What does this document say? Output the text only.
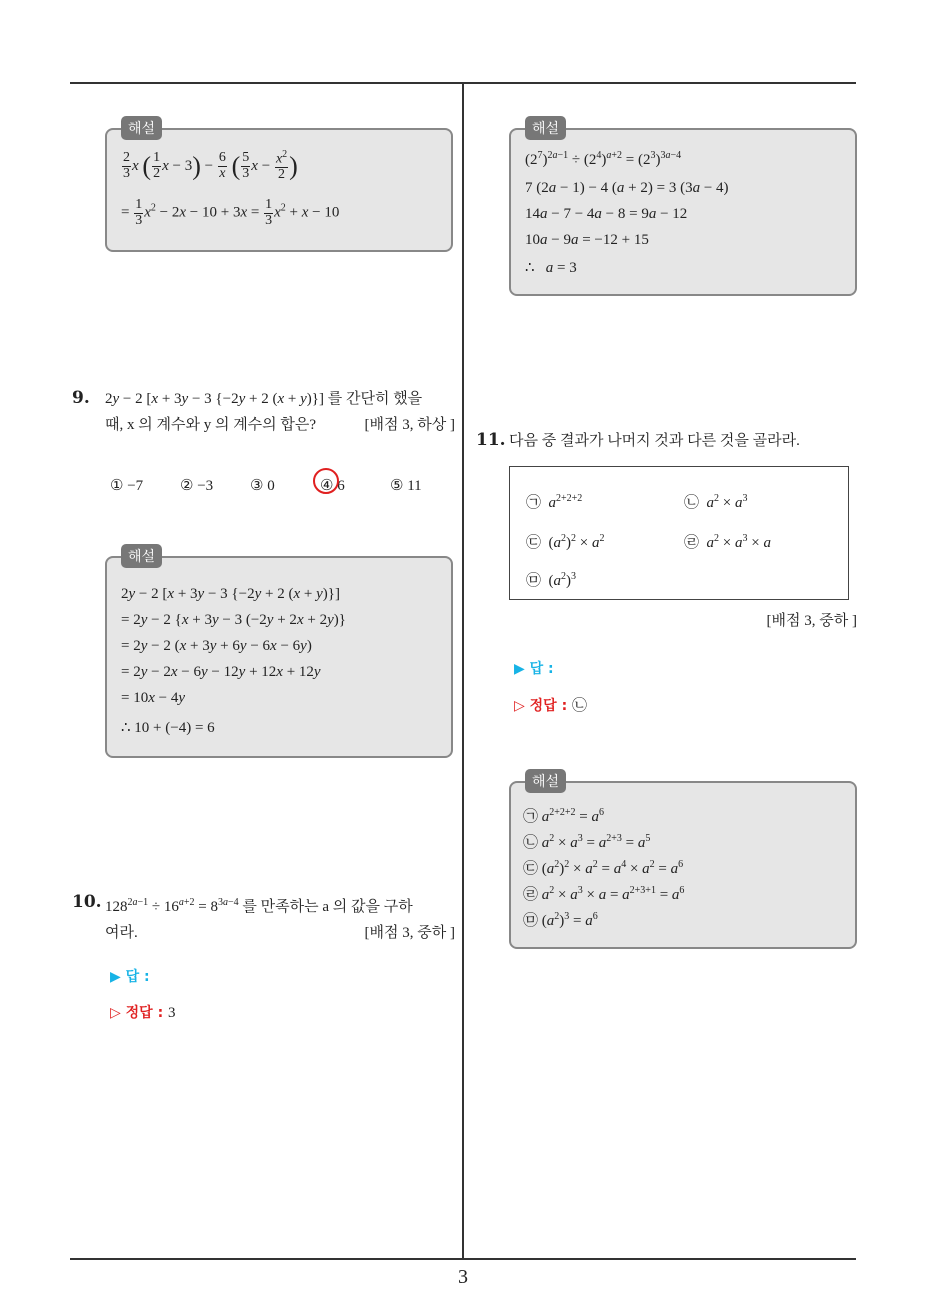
해설
$\frac{2}{3}$ x ( $\frac{1}{2}$ $x - 3) - \frac{6}{x}$ ( $\frac{5}{3}$ $x - \frac{x^2}{2}$ )
= $\frac{1}{3} x^2 - 2x - 10 + 3x = \frac{1}{3} x^2 + x - 10$
9. 2y − 2 [x + 3y − 3 {−2y + 2 (x + y)}] 를 간단히 했을
때, x 의 계수와 y 의 계수의 합은?	[배점 3, 하상 ]
① −7 ② −3 ③ 0	④ 6	⑤ 11
해설
2y − 2 [x + 3y − 3 {−2y + 2 (x + y)}]
= 2y − 2 {x + 3y − 3 (−2y + 2x + 2y)}
= 2y − 2 (x + 3y + 6y − 6x − 6y)
= 2y − 2x − 6y − 12y + 12x + 12y
= 10x − 4y
∴ 10 + (−4) = 6
10. $128^{2a-1} \div 16^{a+2} = 8^{3a-4}$ 를 만족하는 a 의 값을 구하
여라.	[배점 3, 중하 ]
▶ 답 :
▷ 정답 : 3
해설
$(2^7)^{2a-1} \div (2^4)^{a+2} = (2^3)^{3a-4}$
7 (2a − 1) − 4 (a + 2) = 3 (3a − 4)
14a − 7 − 4a − 8 = 9a − 12
10a − 9a = −12 + 15
∴   a = 3
11. 다음 중 결과가 나머지 것과 다른 것을 골라라.
㉠  $a^{2+2+2}$	㉡  $a^2 \times a^3$
㉢  $(a^2)^2 \times a^2$	㉣  $a^2 \times a^3 \times a$
㉤  $(a^2)^3$
[배점 3, 중하 ]
▶ 답 :
▷ 정답 : ㉡
해설
㉠ $a^{2+2+2} = a^6$
㉡ $a^2 \times a^3 = a^{2+3} = a^5$
㉢ $(a^2)^2 \times a^2 = a^4 \times a^2 = a^6$
㉣ $a^2 \times a^3 \times a = a^{2+3+1} = a^6$
㉤ $(a^2)^3 = a^6$
3
